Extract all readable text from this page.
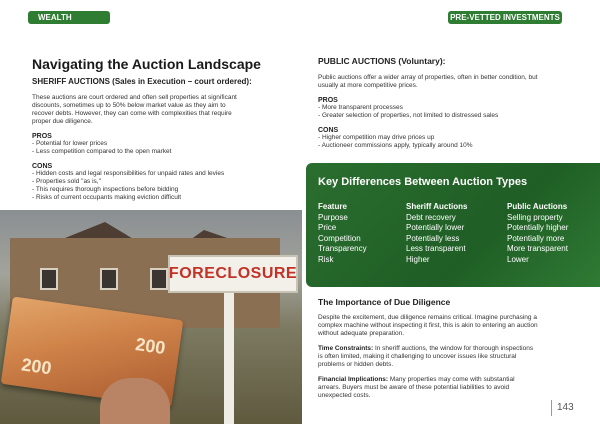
WEALTH	PRE-VETTED INVESTMENTS
Navigating the Auction Landscape
SHERIFF AUCTIONS (Sales in Execution – court ordered):
These auctions are court ordered and often sell properties at significant
discounts, sometimes up to 50% below market value as they aim to
recover debts. However, they can come with complexities that require
proper due diligence.
PROS
- Potential for lower prices
- Less competition compared to the open market
CONS
- Hidden costs and legal responsibilities for unpaid rates and levies
- Properties sold "as is,"
- This requires thorough inspections before bidding
- Risks of current occupants making eviction difficult
FORECLOSURE
200
200
PUBLIC AUCTIONS (Voluntary):
Public auctions offer a wider array of properties, often in better condition, but
usually at more competitive prices.
PROS
- More transparent processes
- Greater selection of properties, not limited to distressed sales
CONS
- Higher competition may drive prices up
- Auctioneer commissions apply, typically around 10%
Key Differences Between Auction Types
Feature	Sheriff Auctions	Public Auctions
Purpose	Debt recovery	Selling property
Price	Potentially lower	Potentially higher
Competition	Potentially less	Potentially more
Transparency	Less transparent	More transparent
Risk	Higher	Lower
The Importance of Due Diligence
Despite the excitement, due diligence remains critical. Imagine purchasing a
complex machine without inspecting it first, this is akin to entering an auction
without adequate preparation.
Time Constraints: In sheriff auctions, the window for thorough inspections
is often limited, making it challenging to uncover issues like structural
problems or hidden debts.
Financial Implications: Many properties may come with substantial
arrears. Buyers must be aware of these potential liabilities to avoid
unexpected costs.
143
